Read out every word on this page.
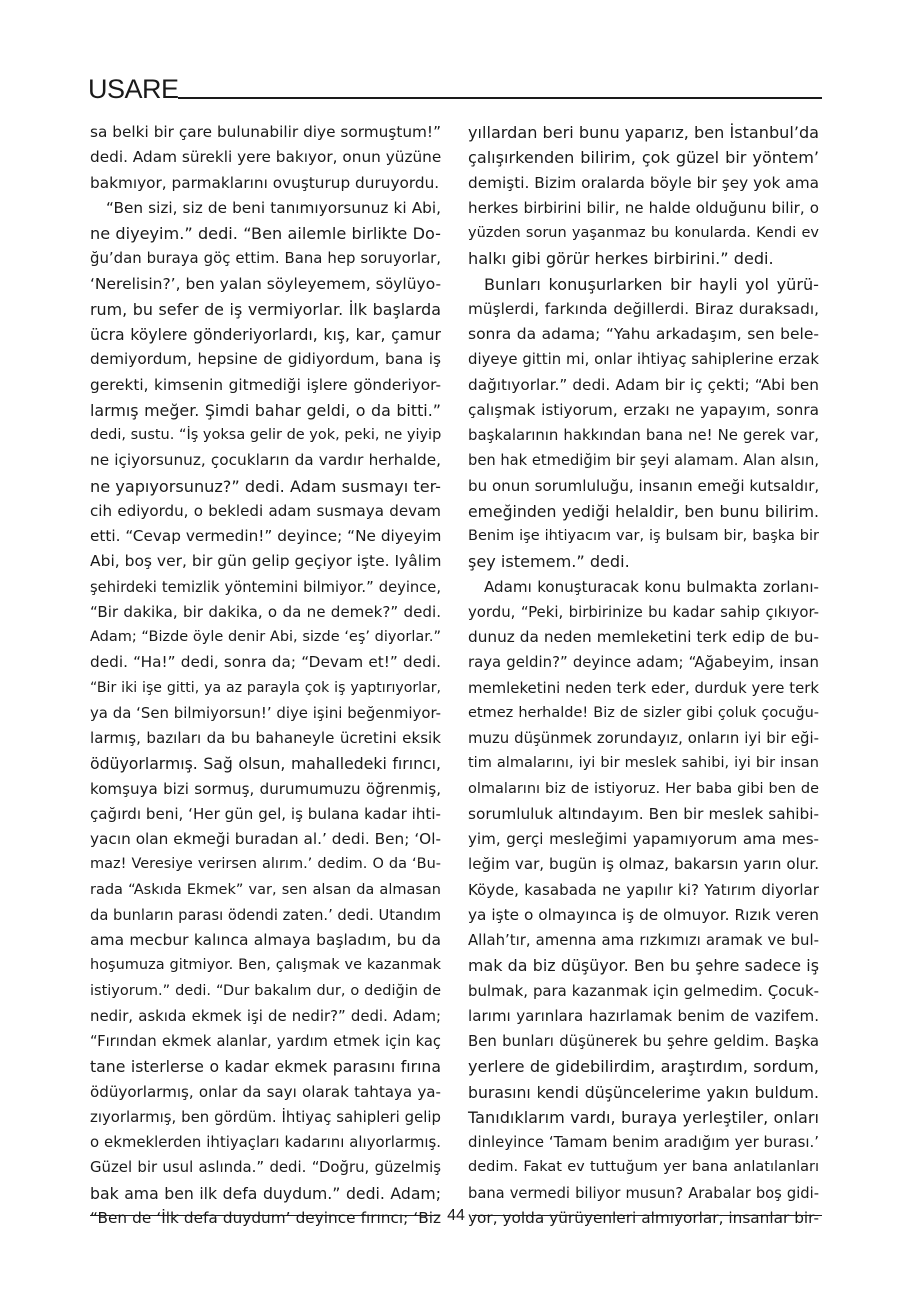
USARE

sa belki bir çare bulunabilir diye sormuştum!”

dedi. Adam sürekli yere bakıyor, onun yüzüne

bakmıyor, parmaklarını ovuşturup duruyordu.

“Ben sizi, siz de beni tanımıyorsunuz ki Abi,

ne diyeyim.” dedi. “Ben ailemle birlikte Do-

ğu’dan buraya göç ettim. Bana hep soruyorlar,

‘Nerelisin?’, ben yalan söyleyemem, söylüyo-

rum, bu sefer de iş vermiyorlar. İlk başlarda

ücra köylere gönderiyorlardı, kış, kar, çamur

demiyordum, hepsine de gidiyordum, bana iş

gerekti, kimsenin gitmediği işlere gönderiyor-

larmış meğer. Şimdi bahar geldi, o da bitti.”

dedi, sustu. “İş yoksa gelir de yok, peki, ne yiyip

ne içiyorsunuz, çocukların da vardır herhalde,

ne yapıyorsunuz?” dedi. Adam susmayı ter-

cih ediyordu, o bekledi adam susmaya devam

etti. “Cevap vermedin!” deyince; “Ne diyeyim

Abi, boş ver, bir gün gelip geçiyor işte. Iyâlim

şehirdeki temizlik yöntemini bilmiyor.” deyince,

“Bir dakika, bir dakika, o da ne demek?” dedi.

Adam; “Bizde öyle denir Abi, sizde ‘eş’ diyorlar.”

dedi. “Ha!” dedi, sonra da; “Devam et!” dedi.

“Bir iki işe gitti, ya az parayla çok iş yaptırıyorlar,

ya da ‘Sen bilmiyorsun!’ diye işini beğenmiyor-

larmış, bazıları da bu bahaneyle ücretini eksik

ödüyorlarmış. Sağ olsun, mahalledeki fırıncı,

komşuya bizi sormuş, durumumuzu öğrenmiş,

çağırdı beni, ‘Her gün gel, iş bulana kadar ihti-

yacın olan ekmeği buradan al.’ dedi. Ben; ‘Ol-

maz! Veresiye verirsen alırım.’ dedim. O da ‘Bu-

rada “Askıda Ekmek” var, sen alsan da almasan

da bunların parası ödendi zaten.’ dedi. Utandım

ama mecbur kalınca almaya başladım, bu da

hoşumuza gitmiyor. Ben, çalışmak ve kazanmak

istiyorum.” dedi. “Dur bakalım dur, o dediğin de

nedir, askıda ekmek işi de nedir?” dedi. Adam;

“Fırından ekmek alanlar, yardım etmek için kaç

tane isterlerse o kadar ekmek parasını fırına

ödüyorlarmış, onlar da sayı olarak tahtaya ya-

zıyorlarmış, ben gördüm. İhtiyaç sahipleri gelip

o ekmeklerden ihtiyaçları kadarını alıyorlarmış.

Güzel bir usul aslında.” dedi. “Doğru, güzelmiş

bak ama ben ilk defa duydum.” dedi. Adam;

“Ben de ‘İlk defa duydum’ deyince fırıncı; ‘Biz

yıllardan beri bunu yaparız, ben İstanbul’da

çalışırkenden bilirim, çok güzel bir yöntem’

demişti. Bizim oralarda böyle bir şey yok ama

herkes birbirini bilir, ne halde olduğunu bilir, o

yüzden sorun yaşanmaz bu konularda. Kendi ev

halkı gibi görür herkes birbirini.” dedi.

Bunları konuşurlarken bir hayli yol yürü-

müşlerdi, farkında değillerdi. Biraz duraksadı,

sonra da adama; “Yahu arkadaşım, sen bele-

diyeye gittin mi, onlar ihtiyaç sahiplerine erzak

dağıtıyorlar.” dedi. Adam bir iç çekti; “Abi ben

çalışmak istiyorum, erzakı ne yapayım, sonra

başkalarının hakkından bana ne! Ne gerek var,

ben hak etmediğim bir şeyi alamam. Alan alsın,

bu onun sorumluluğu, insanın emeği kutsaldır,

emeğinden yediği helaldir, ben bunu bilirim.

Benim işe ihtiyacım var, iş bulsam bir, başka bir

şey istemem.” dedi.

Adamı konuşturacak konu bulmakta zorlanı-

yordu, “Peki, birbirinize bu kadar sahip çıkıyor-

dunuz da neden memleketini terk edip de bu-

raya geldin?” deyince adam; “Ağabeyim, insan

memleketini neden terk eder, durduk yere terk

etmez herhalde! Biz de sizler gibi çoluk çocuğu-

muzu düşünmek zorundayız, onların iyi bir eği-

tim almalarını, iyi bir meslek sahibi, iyi bir insan

olmalarını biz de istiyoruz. Her baba gibi ben de

sorumluluk altındayım. Ben bir meslek sahibi-

yim, gerçi mesleğimi yapamıyorum ama mes-

leğim var, bugün iş olmaz, bakarsın yarın olur.

Köyde, kasabada ne yapılır ki? Yatırım diyorlar

ya işte o olmayınca iş de olmuyor. Rızık veren

Allah’tır, amenna ama rızkımızı aramak ve bul-

mak da biz düşüyor. Ben bu şehre sadece iş

bulmak, para kazanmak için gelmedim. Çocuk-

larımı yarınlara hazırlamak benim de vazifem.

Ben bunları düşünerek bu şehre geldim. Başka

yerlere de gidebilirdim, araştırdım, sordum,

burasını kendi düşüncelerime yakın buldum.

Tanıdıklarım vardı, buraya yerleştiler, onları

dinleyince ‘Tamam benim aradığım yer burası.’

dedim. Fakat ev tuttuğum yer bana anlatılanları

bana vermedi biliyor musun? Arabalar boş gidi-

yor, yolda yürüyenleri almıyorlar, insanlar bir-

44
